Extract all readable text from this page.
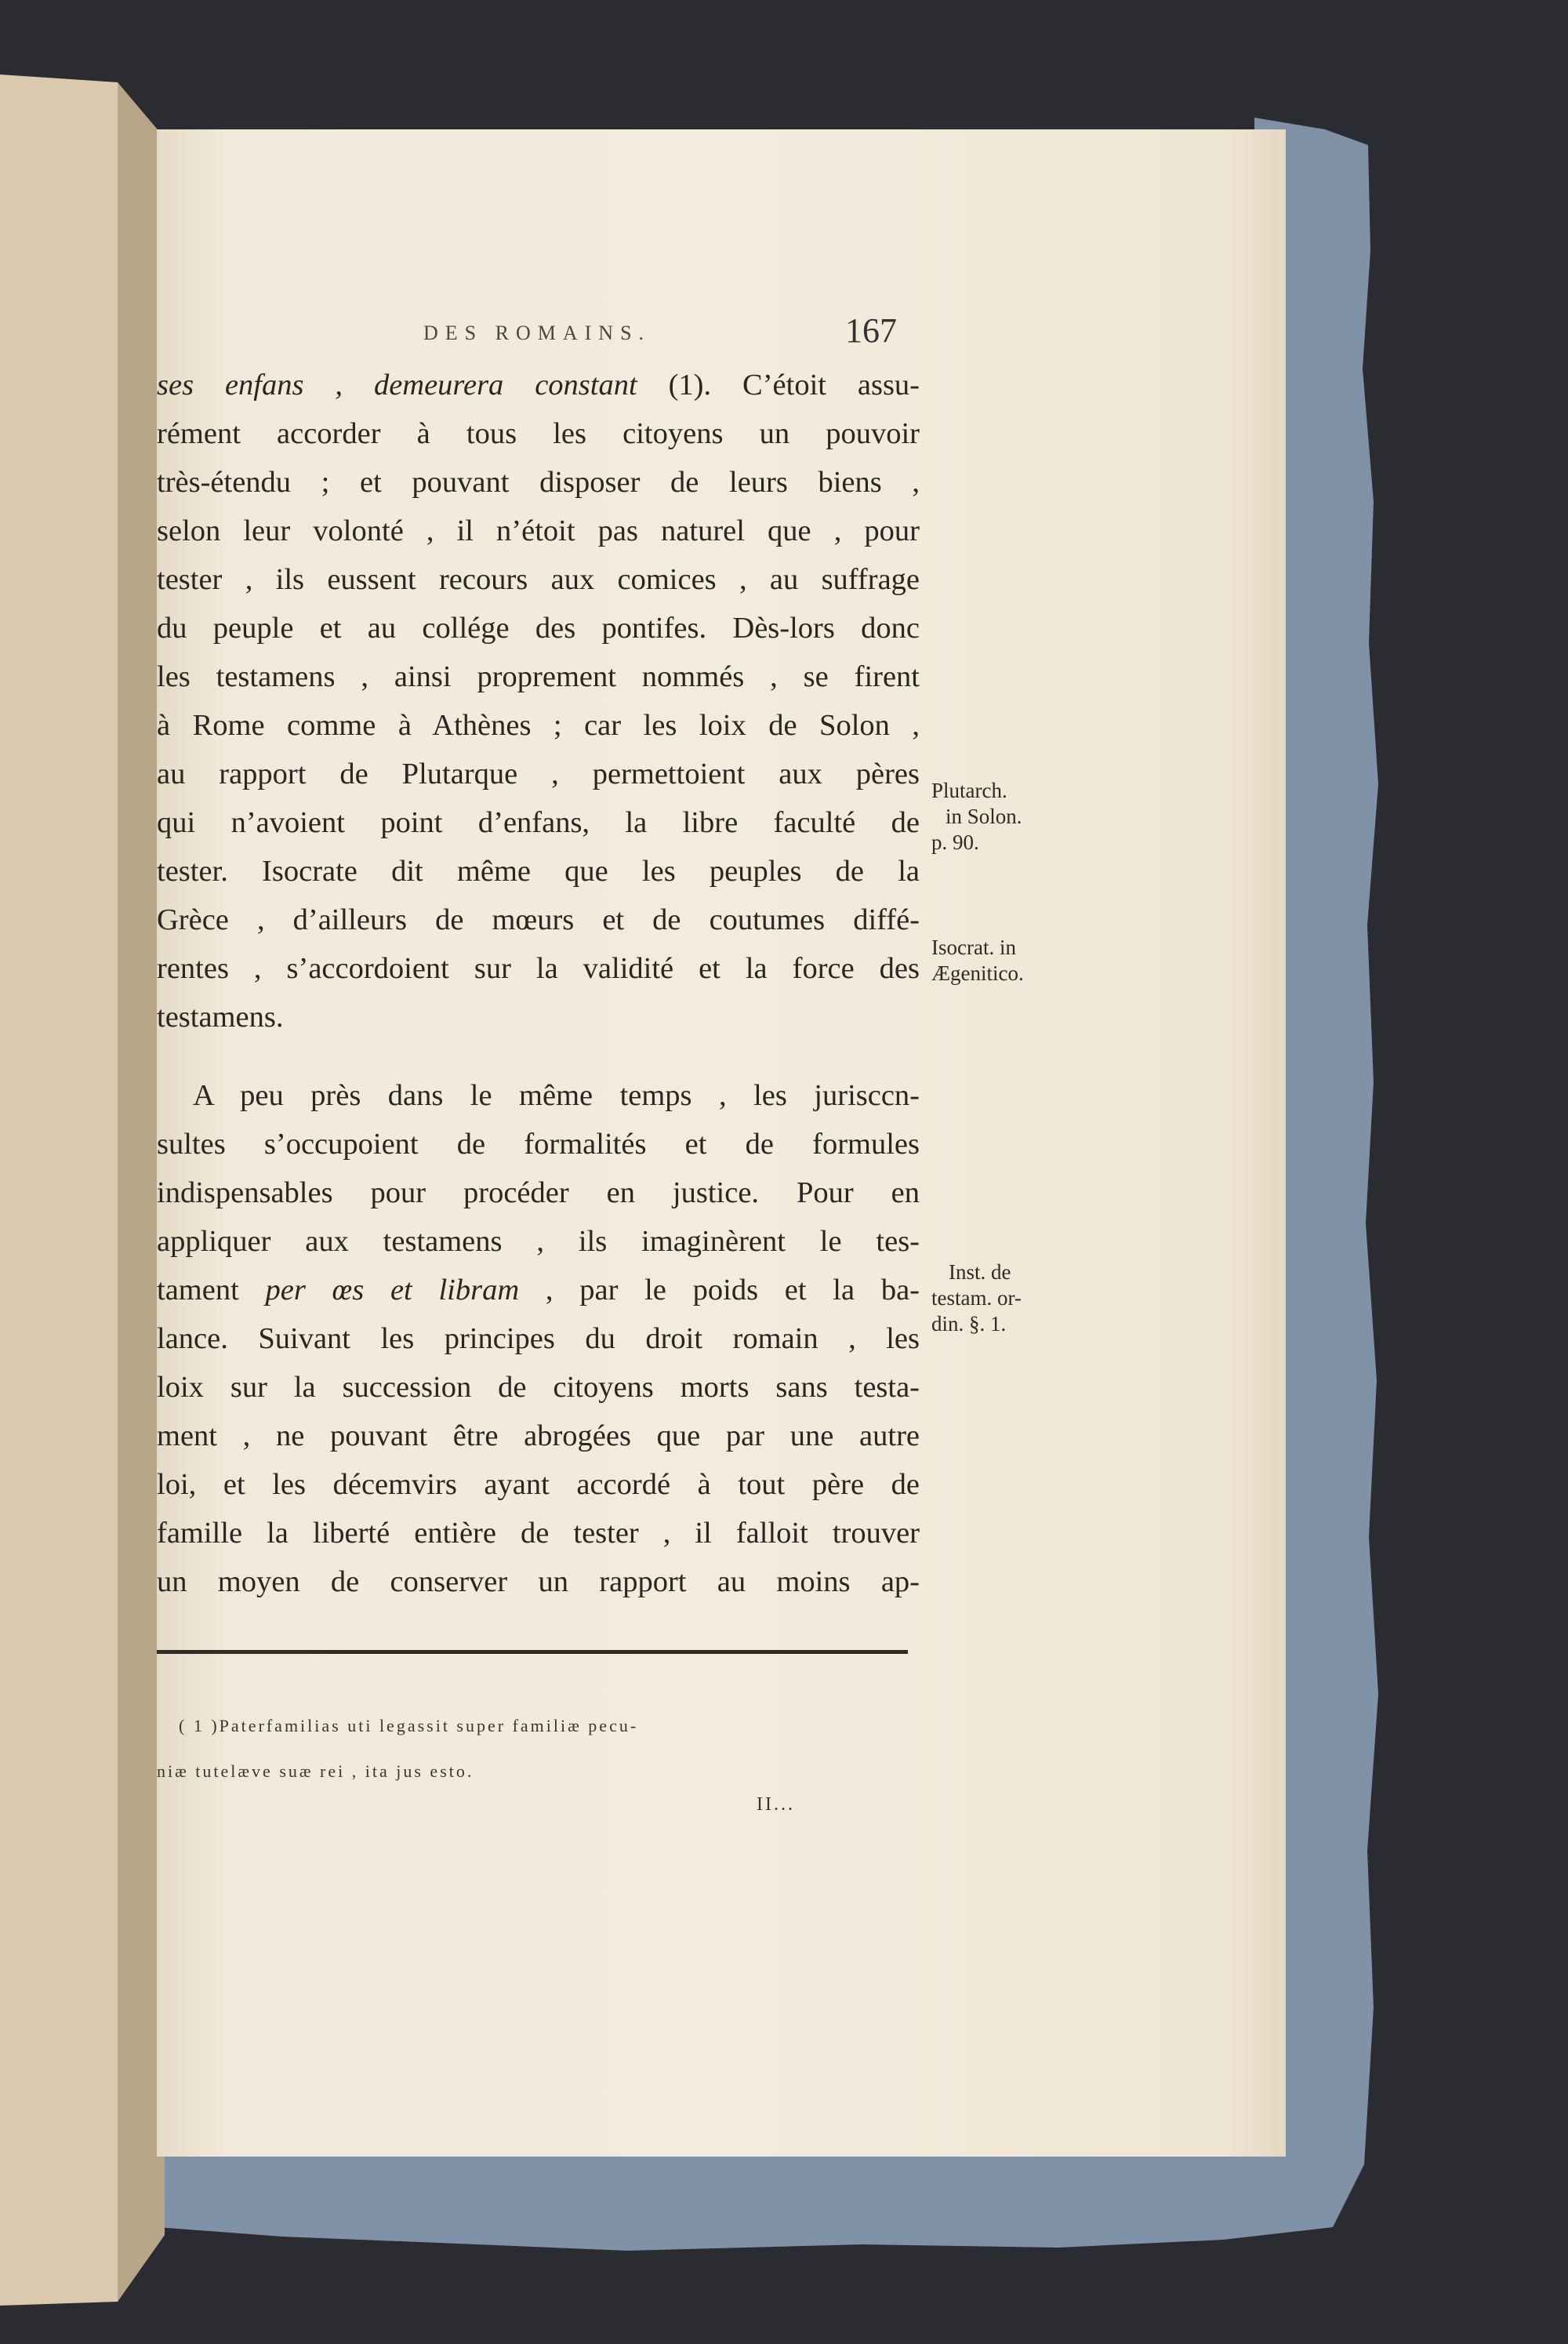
DES ROMAINS.	167
ses enfans , demeurera constant (1). C’étoit assu-
rément accorder à tous les citoyens un pouvoir
très-étendu ; et pouvant disposer de leurs biens ,
selon leur volonté , il n’étoit pas naturel que , pour
tester , ils eussent recours aux comices , au suffrage
du peuple et au collége des pontifes. Dès-lors donc
les testamens , ainsi proprement nommés , se firent
à Rome comme à Athènes ; car les loix de Solon ,
au rapport de Plutarque , permettoient aux pères
qui n’avoient point d’enfans, la libre faculté de
tester. Isocrate dit même que les peuples de la
Grèce , d’ailleurs de mœurs et de coutumes diffé-
rentes , s’accordoient sur la validité et la force des
testamens.
A peu près dans le même temps , les jurisccn-
sultes s’occupoient de formalités et de formules
indispensables pour procéder en justice. Pour en
appliquer aux testamens , ils imaginèrent le tes-
tament per œs et libram , par le poids et la ba-
lance. Suivant les principes du droit romain , les
loix sur la succession de citoyens morts sans testa-
ment , ne pouvant être abrogées que par une autre
loi, et les décemvirs ayant accordé à tout père de
famille la liberté entière de tester , il falloit trouver
un moyen de conserver un rapport au moins ap-
Plutarch.
in Solon.
p. 90.
Isocrat. in
Ægenitico.
Inst. de
testam. or-
din. §. 1.
( 1 )Paterfamilias uti legassit super familiæ pecu-
niæ tutelæve suæ rei , ita jus esto.
II...
